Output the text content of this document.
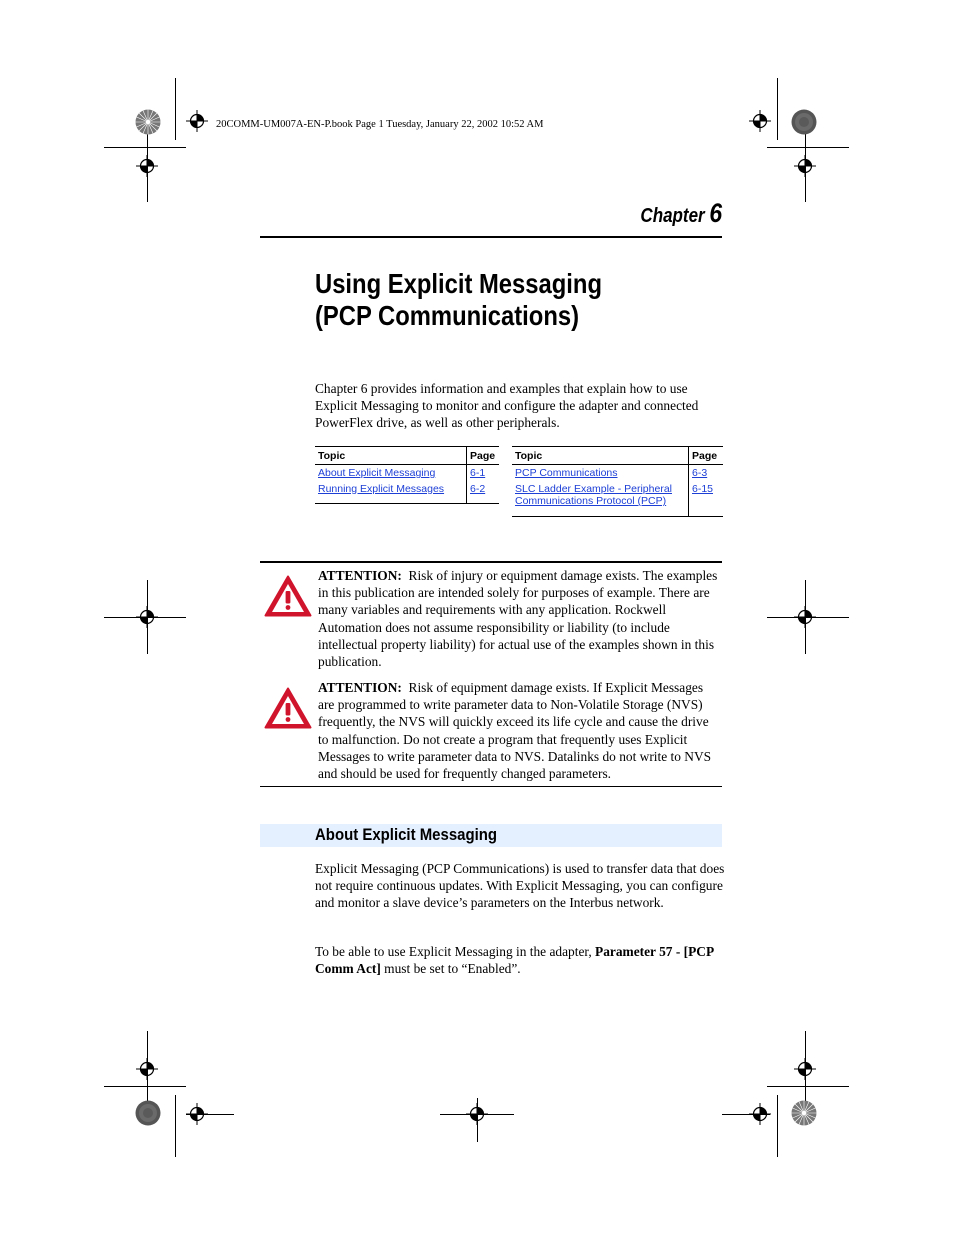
20COMM-UM007A-EN-P.book Page 1 Tuesday, January 22, 2002 10:52 AM
Chapter 6
Using Explicit Messaging
(PCP Communications)

Chapter 6 provides information and examples that explain how to use Explicit Messaging to monitor and configure the adapter and connected PowerFlex drive, as well as other peripherals.

Topic	Page
About Explicit Messaging	6-1
Running Explicit Messages	6-2
Topic	Page
PCP Communications	6-3
SLC Ladder Example - Peripheral
Communications Protocol (PCP)	6-15

ATTENTION: Risk of injury or equipment damage exists. The examples in this publication are intended solely for purposes of example. There are many variables and requirements with any application. Rockwell Automation does not assume responsibility or liability (to include intellectual property liability) for actual use of the examples shown in this publication.

ATTENTION: Risk of equipment damage exists. If Explicit Messages are programmed to write parameter data to Non-Volatile Storage (NVS) frequently, the NVS will quickly exceed its life cycle and cause the drive to malfunction. Do not create a program that frequently uses Explicit Messages to write parameter data to NVS. Datalinks do not write to NVS and should be used for frequently changed parameters.

About Explicit Messaging

Explicit Messaging (PCP Communications) is used to transfer data that does not require continuous updates. With Explicit Messaging, you can configure and monitor a slave device’s parameters on the Interbus network.

To be able to use Explicit Messaging in the adapter, Parameter 57 - [PCP Comm Act] must be set to “Enabled”.
